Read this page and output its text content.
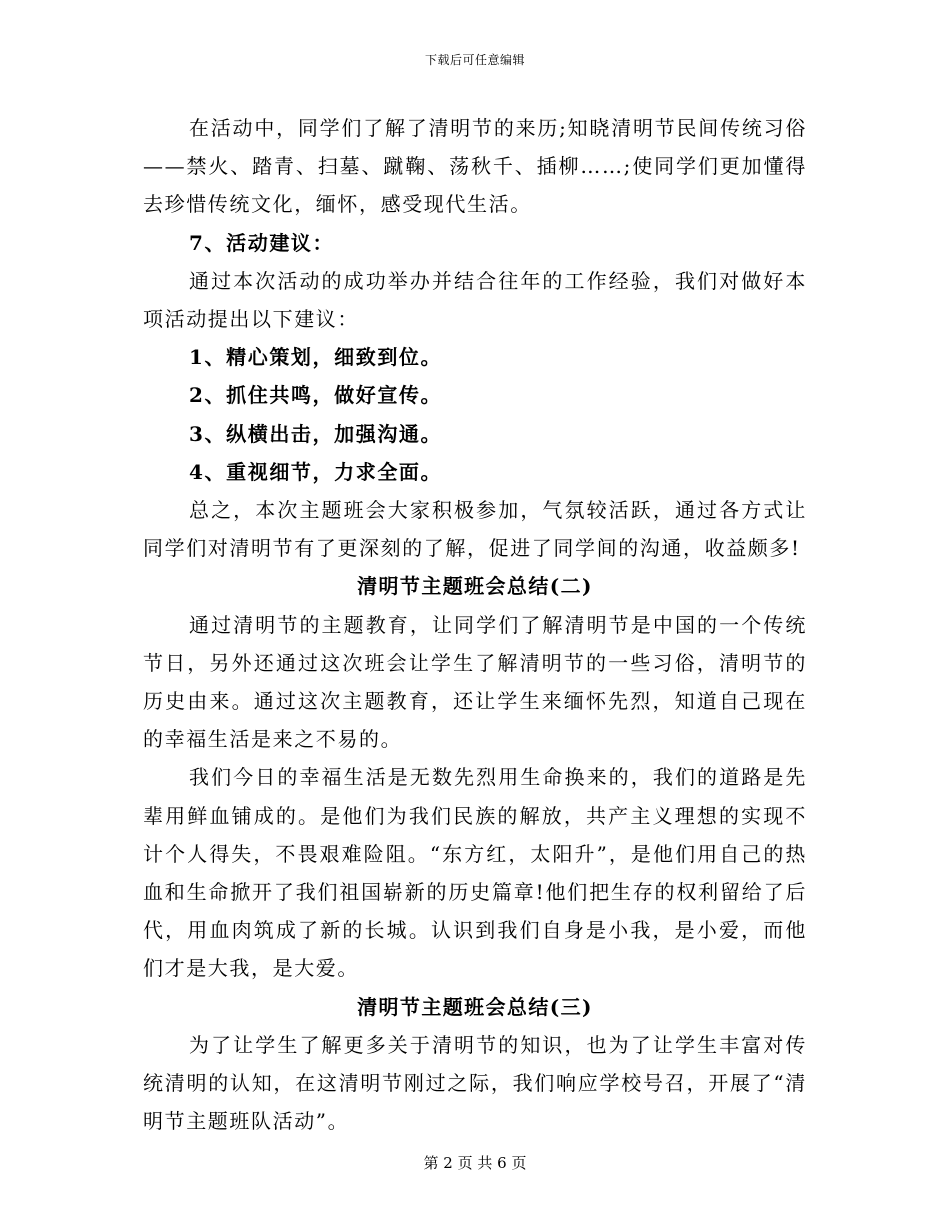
下载后可任意编辑

在活动中，同学们了解了清明节的来历;知晓清明节民间传统习俗——禁火、踏青、扫墓、蹴鞠、荡秋千、插柳……;使同学们更加懂得去珍惜传统文化，缅怀，感受现代生活。

7、活动建议：

通过本次活动的成功举办并结合往年的工作经验，我们对做好本项活动提出以下建议：

1、精心策划，细致到位。

2、抓住共鸣，做好宣传。

3、纵横出击，加强沟通。

4、重视细节，力求全面。

总之，本次主题班会大家积极参加，气氛较活跃，通过各方式让同学们对清明节有了更深刻的了解，促进了同学间的沟通，收益颇多!

清明节主题班会总结(二)

通过清明节的主题教育，让同学们了解清明节是中国的一个传统节日，另外还通过这次班会让学生了解清明节的一些习俗，清明节的历史由来。通过这次主题教育，还让学生来缅怀先烈，知道自己现在的幸福生活是来之不易的。

我们今日的幸福生活是无数先烈用生命换来的，我们的道路是先辈用鲜血铺成的。是他们为我们民族的解放，共产主义理想的实现不计个人得失，不畏艰难险阻。“东方红，太阳升”，是他们用自己的热血和生命掀开了我们祖国崭新的历史篇章!他们把生存的权利留给了后代，用血肉筑成了新的长城。认识到我们自身是小我，是小爱，而他们才是大我，是大爱。

清明节主题班会总结(三)

为了让学生了解更多关于清明节的知识，也为了让学生丰富对传统清明的认知，在这清明节刚过之际，我们响应学校号召，开展了“清明节主题班队活动”。

第 2 页 共 6 页
